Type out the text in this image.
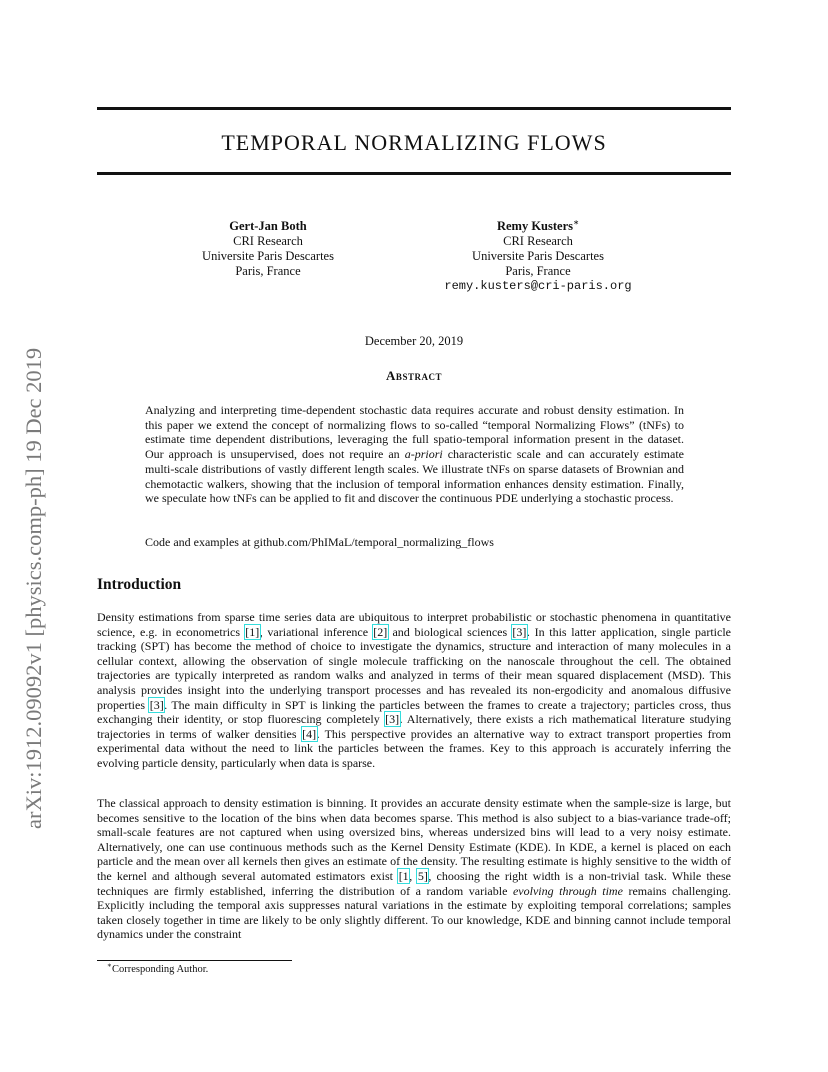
arXiv:1912.09092v1 [physics.comp-ph] 19 Dec 2019
TEMPORAL NORMALIZING FLOWS
Gert-Jan Both
CRI Research
Universite Paris Descartes
Paris, France
Remy Kusters∗
CRI Research
Universite Paris Descartes
Paris, France
remy.kusters@cri-paris.org
December 20, 2019
Abstract
Analyzing and interpreting time-dependent stochastic data requires accurate and robust density estimation. In this paper we extend the concept of normalizing flows to so-called “temporal Normalizing Flows” (tNFs) to estimate time dependent distributions, leveraging the full spatio-temporal information present in the dataset. Our approach is unsupervised, does not require an a-priori characteristic scale and can accurately estimate multi-scale distributions of vastly different length scales. We illustrate tNFs on sparse datasets of Brownian and chemotactic walkers, showing that the inclusion of temporal information enhances density estimation. Finally, we speculate how tNFs can be applied to fit and discover the continuous PDE underlying a stochastic process.
Code and examples at github.com/PhIMaL/temporal_normalizing_flows
Introduction
Density estimations from sparse time series data are ubiquitous to interpret probabilistic or stochastic phenomena in quantitative science, e.g. in econometrics [1], variational inference [2] and biological sciences [3]. In this latter application, single particle tracking (SPT) has become the method of choice to investigate the dynamics, structure and interaction of many molecules in a cellular context, allowing the observation of single molecule trafficking on the nanoscale throughout the cell. The obtained trajectories are typically interpreted as random walks and analyzed in terms of their mean squared displacement (MSD). This analysis provides insight into the underlying transport processes and has revealed its non-ergodicity and anomalous diffusive properties [3]. The main difficulty in SPT is linking the particles between the frames to create a trajectory; particles cross, thus exchanging their identity, or stop fluorescing completely [3]. Alternatively, there exists a rich mathematical literature studying trajectories in terms of walker densities [4]. This perspective provides an alternative way to extract transport properties from experimental data without the need to link the particles between the frames. Key to this approach is accurately inferring the evolving particle density, particularly when data is sparse.
The classical approach to density estimation is binning. It provides an accurate density estimate when the sample-size is large, but becomes sensitive to the location of the bins when data becomes sparse. This method is also subject to a bias-variance trade-off; small-scale features are not captured when using oversized bins, whereas undersized bins will lead to a very noisy estimate. Alternatively, one can use continuous methods such as the Kernel Density Estimate (KDE). In KDE, a kernel is placed on each particle and the mean over all kernels then gives an estimate of the density. The resulting estimate is highly sensitive to the width of the kernel and although several automated estimators exist [1, 5], choosing the right width is a non-trivial task. While these techniques are firmly established, inferring the distribution of a random variable evolving through time remains challenging. Explicitly including the temporal axis suppresses natural variations in the estimate by exploiting temporal correlations; samples taken closely together in time are likely to be only slightly different. To our knowledge, KDE and binning cannot include temporal dynamics under the constraint
∗Corresponding Author.
